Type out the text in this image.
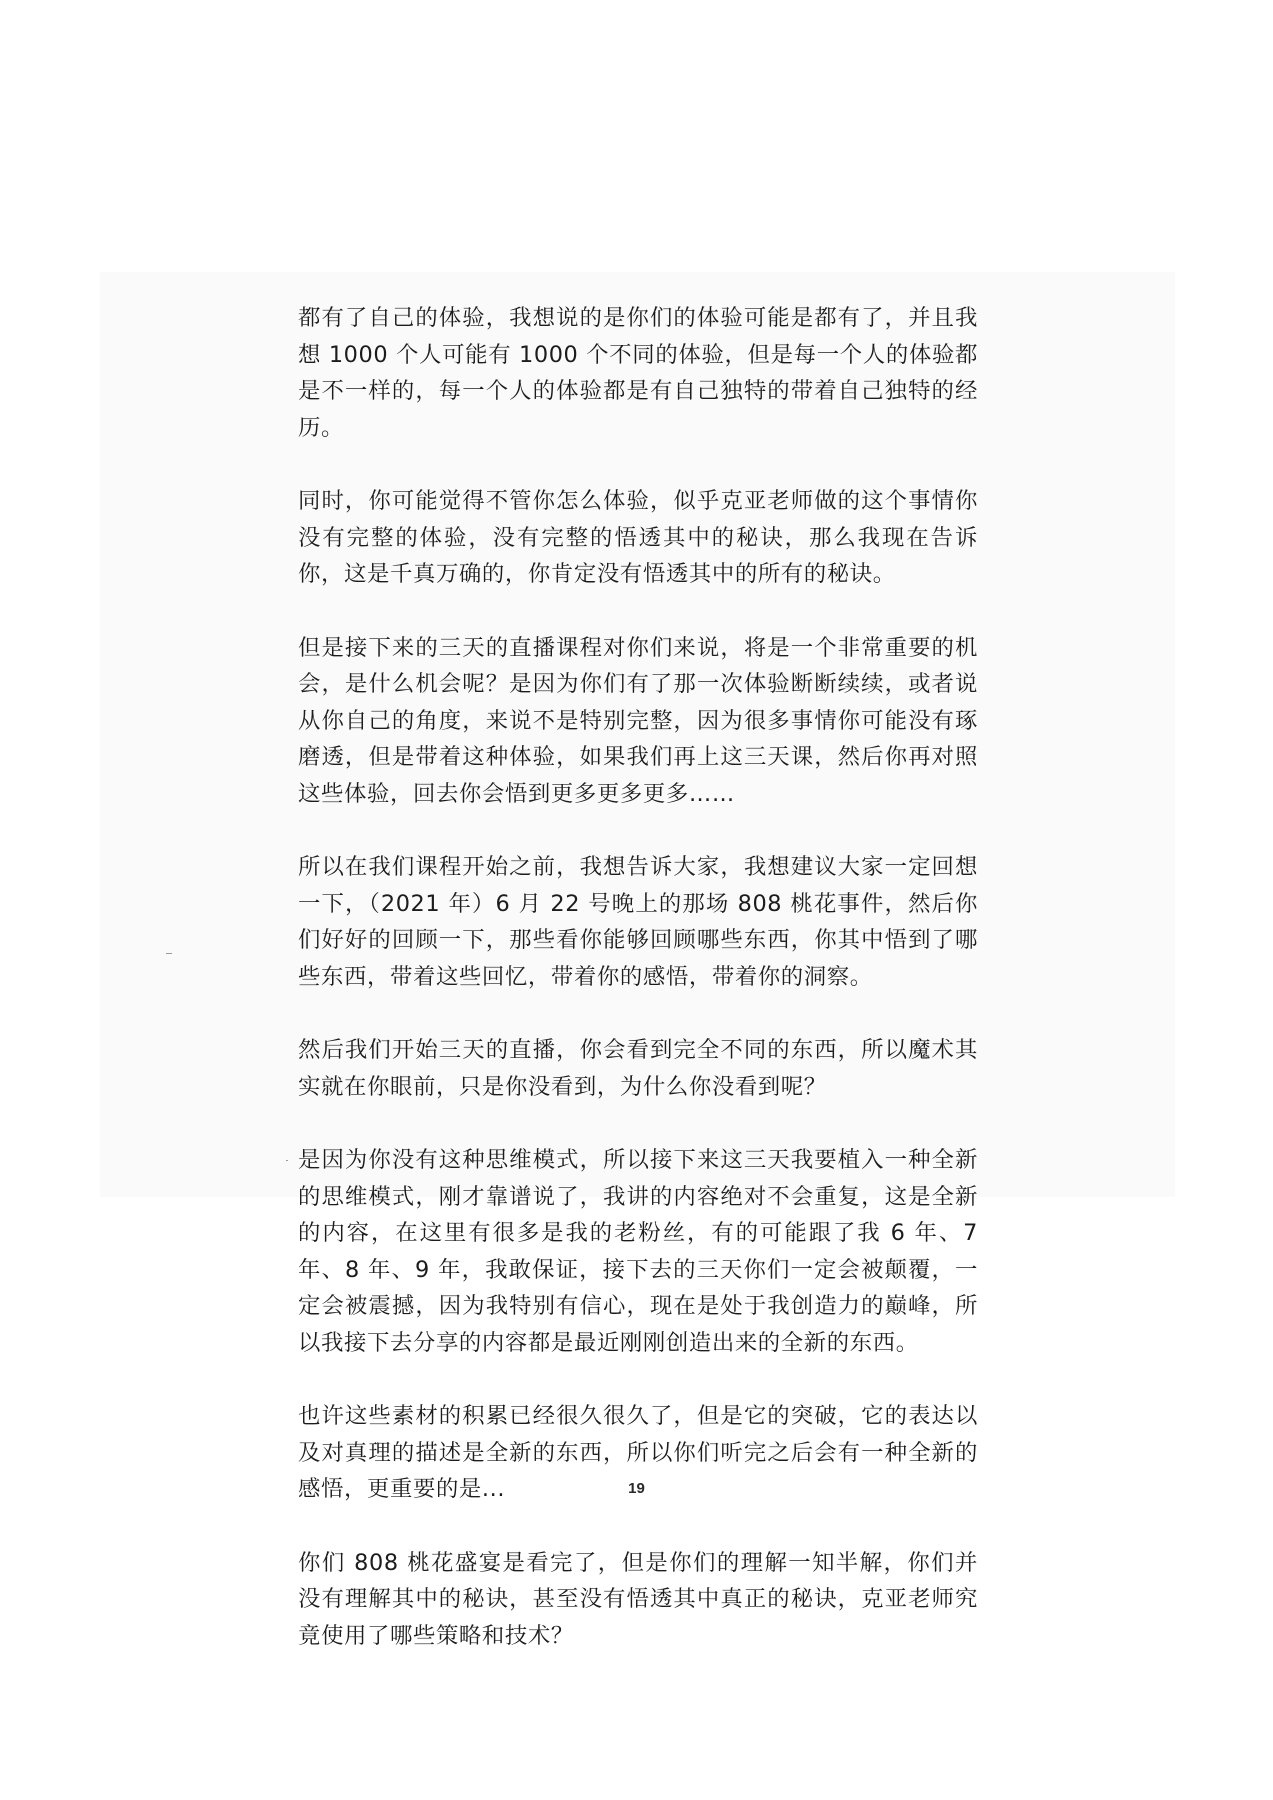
都有了自己的体验，我想说的是你们的体验可能是都有了，并且我想 1000 个人可能有 1000 个不同的体验，但是每一个人的体验都是不一样的，每一个人的体验都是有自己独特的带着自己独特的经历。

同时，你可能觉得不管你怎么体验，似乎克亚老师做的这个事情你没有完整的体验，没有完整的悟透其中的秘诀，那么我现在告诉你，这是千真万确的，你肯定没有悟透其中的所有的秘诀。

但是接下来的三天的直播课程对你们来说，将是一个非常重要的机会，是什么机会呢？是因为你们有了那一次体验断断续续，或者说从你自己的角度，来说不是特别完整，因为很多事情你可能没有琢磨透，但是带着这种体验，如果我们再上这三天课，然后你再对照这些体验，回去你会悟到更多更多更多……

所以在我们课程开始之前，我想告诉大家，我想建议大家一定回想一下，（2021 年）6 月 22 号晚上的那场 808 桃花事件，然后你们好好的回顾一下，那些看你能够回顾哪些东西，你其中悟到了哪些东西，带着这些回忆，带着你的感悟，带着你的洞察。

然后我们开始三天的直播，你会看到完全不同的东西，所以魔术其实就在你眼前，只是你没看到，为什么你没看到呢？

是因为你没有这种思维模式，所以接下来这三天我要植入一种全新的思维模式，刚才靠谱说了，我讲的内容绝对不会重复，这是全新的内容，在这里有很多是我的老粉丝，有的可能跟了我 6 年、7 年、8 年、9 年，我敢保证，接下去的三天你们一定会被颠覆，一定会被震撼，因为我特别有信心，现在是处于我创造力的巅峰，所以我接下去分享的内容都是最近刚刚创造出来的全新的东西。

也许这些素材的积累已经很久很久了，但是它的突破，它的表达以及对真理的描述是全新的东西，所以你们听完之后会有一种全新的感悟，更重要的是...

你们 808 桃花盛宴是看完了，但是你们的理解一知半解，你们并没有理解其中的秘诀，甚至没有悟透其中真正的秘诀，克亚老师究竟使用了哪些策略和技术？

19
